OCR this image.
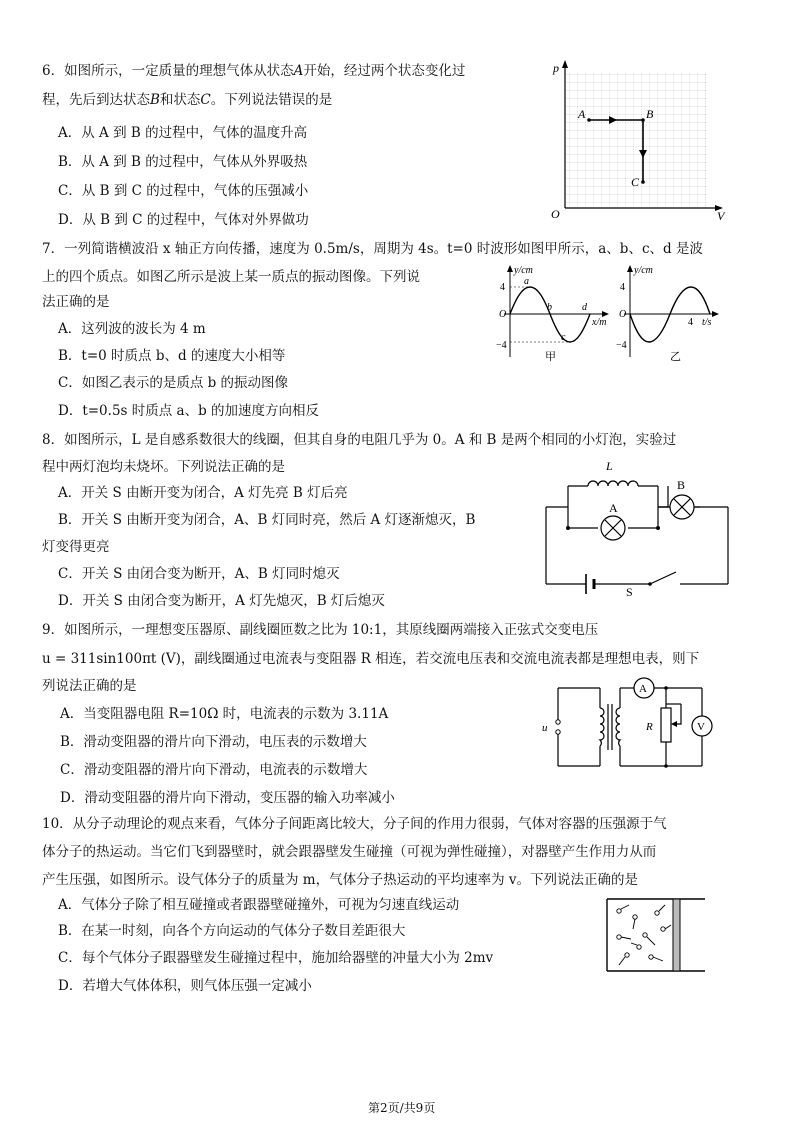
6．如图所示，一定质量的理想气体从状态A开始，经过两个状态变化过
程，先后到达状态B和状态C。下列说法错误的是
A．从 A 到 B 的过程中，气体的温度升高
B．从 A 到 B 的过程中，气体从外界吸热
C．从 B 到 C 的过程中，气体的压强减小
D．从 B 到 C 的过程中，气体对外界做功
p
V
O
A	B
C
7．一列简谐横波沿 x 轴正方向传播，速度为 0.5m/s，周期为 4s。t=0 时波形如图甲所示，a、b、c、d 是波
上的四个质点。如图乙所示是波上某一质点的振动图像。下列说
法正确的是
A．这列波的波长为 4 m
B．t=0 时质点 b、d 的速度大小相等
C．如图乙表示的是质点 b 的振动图像
D．t=0.5s 时质点 a、b 的加速度方向相反
y/cm
x/m
4
−4
O
a
b
c
d
甲
y/cm
t/s
4
−4
O
4
乙
8．如图所示，L 是自感系数很大的线圈，但其自身的电阻几乎为 0。A 和 B 是两个相同的小灯泡，实验过
程中两灯泡均未烧坏。下列说法正确的是
A．开关 S 由断开变为闭合，A 灯先亮 B 灯后亮
B．开关 S 由断开变为闭合，A、B 灯同时亮，然后 A 灯逐渐熄灭，B
灯变得更亮
C．开关 S 由闭合变为断开，A、B 灯同时熄灭
D．开关 S 由闭合变为断开，A 灯先熄灭，B 灯后熄灭
L
A
B
S
9．如图所示，一理想变压器原、副线圈匝数之比为 10:1，其原线圈两端接入正弦式交变电压
u = 311sin100πt (V)，副线圈通过电流表与变阻器 R 相连，若交流电压表和交流电流表都是理想电表，则下
列说法正确的是
A．当变阻器电阻 R=10Ω 时，电流表的示数为 3.11A
B．滑动变阻器的滑片向下滑动，电压表的示数增大
C．滑动变阻器的滑片向下滑动，电流表的示数增大
D．滑动变阻器的滑片向下滑动，变压器的输入功率减小
u
A
R	V
10．从分子动理论的观点来看，气体分子间距离比较大，分子间的作用力很弱，气体对容器的压强源于气
体分子的热运动。当它们飞到器壁时，就会跟器壁发生碰撞（可视为弹性碰撞），对器壁产生作用力从而
产生压强，如图所示。设气体分子的质量为 m，气体分子热运动的平均速率为 v。下列说法正确的是
A．气体分子除了相互碰撞或者跟器壁碰撞外，可视为匀速直线运动
B．在某一时刻，向各个方向运动的气体分子数目差距很大
C．每个气体分子跟器壁发生碰撞过程中，施加给器壁的冲量大小为 2mv
D．若增大气体体积，则气体压强一定减小
第2页/共9页
